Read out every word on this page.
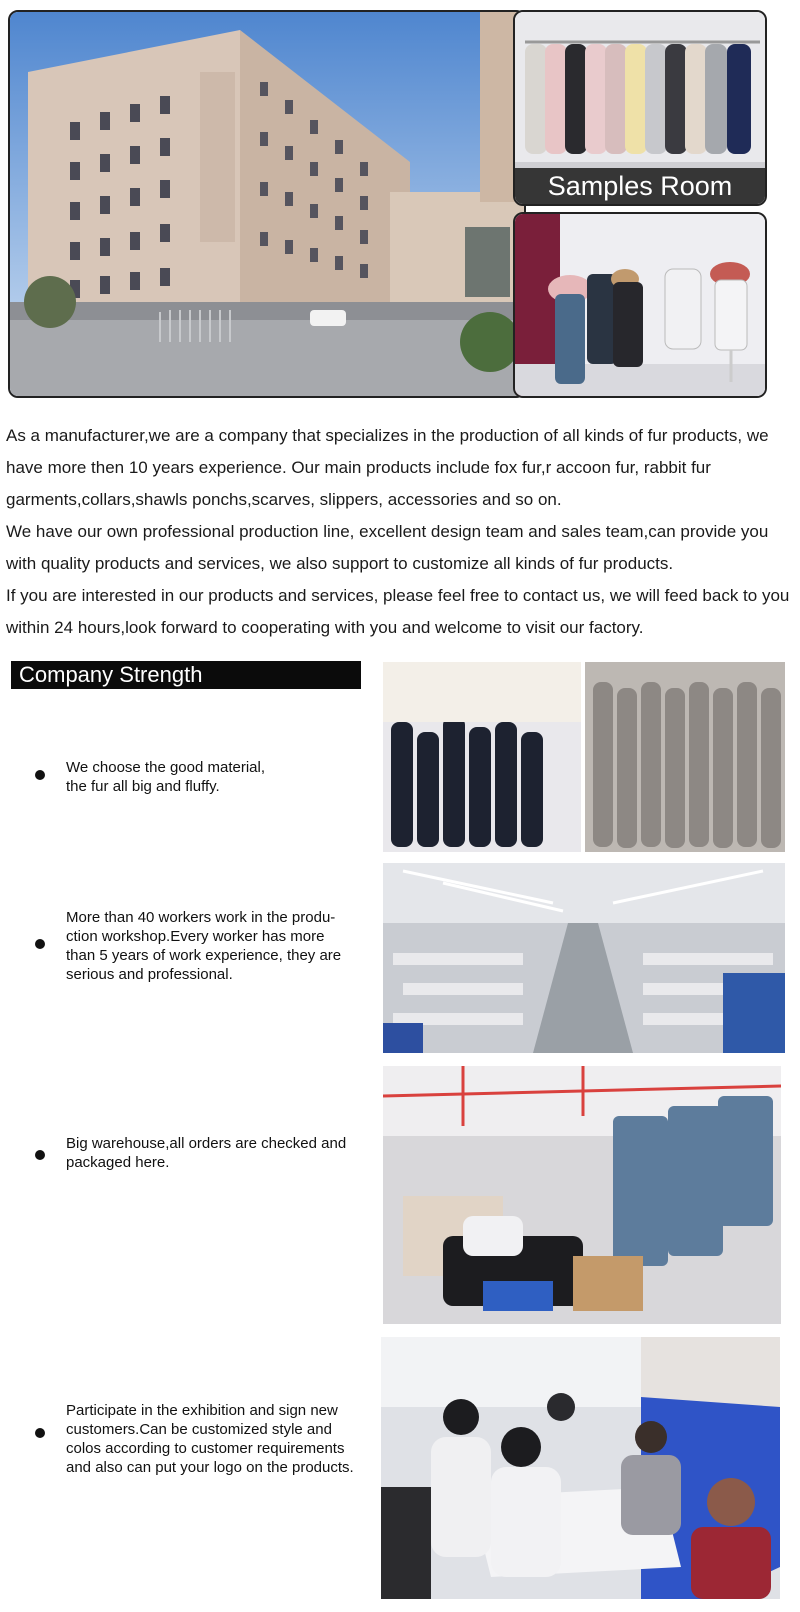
Samples Room

As a manufacturer,we are a company that specializes in the production of all kinds of fur products, we have more then 10 years experience. Our main products include fox fur,r accoon fur, rabbit fur garments,collars,shawls ponchs,scarves, slippers, accessories and so on.

We have our own professional production line, excellent design team and sales team,can provide you with quality products and services, we also support to customize all kinds of fur products.

If you are interested in our products and services, please feel free to contact us, we will feed back to you within 24 hours,look forward to cooperating with you and welcome to visit our factory.

Company Strength
We choose the good material,
the fur all big and fluffy.
More than 40 workers work in the produ-
ction workshop.Every worker has more
than 5 years of work experience, they are
serious and professional.
Big warehouse,all orders are checked and
packaged here.
Participate in the exhibition and sign new
customers.Can be customized style and
colos according to customer requirements
and also can put your logo on the products.
